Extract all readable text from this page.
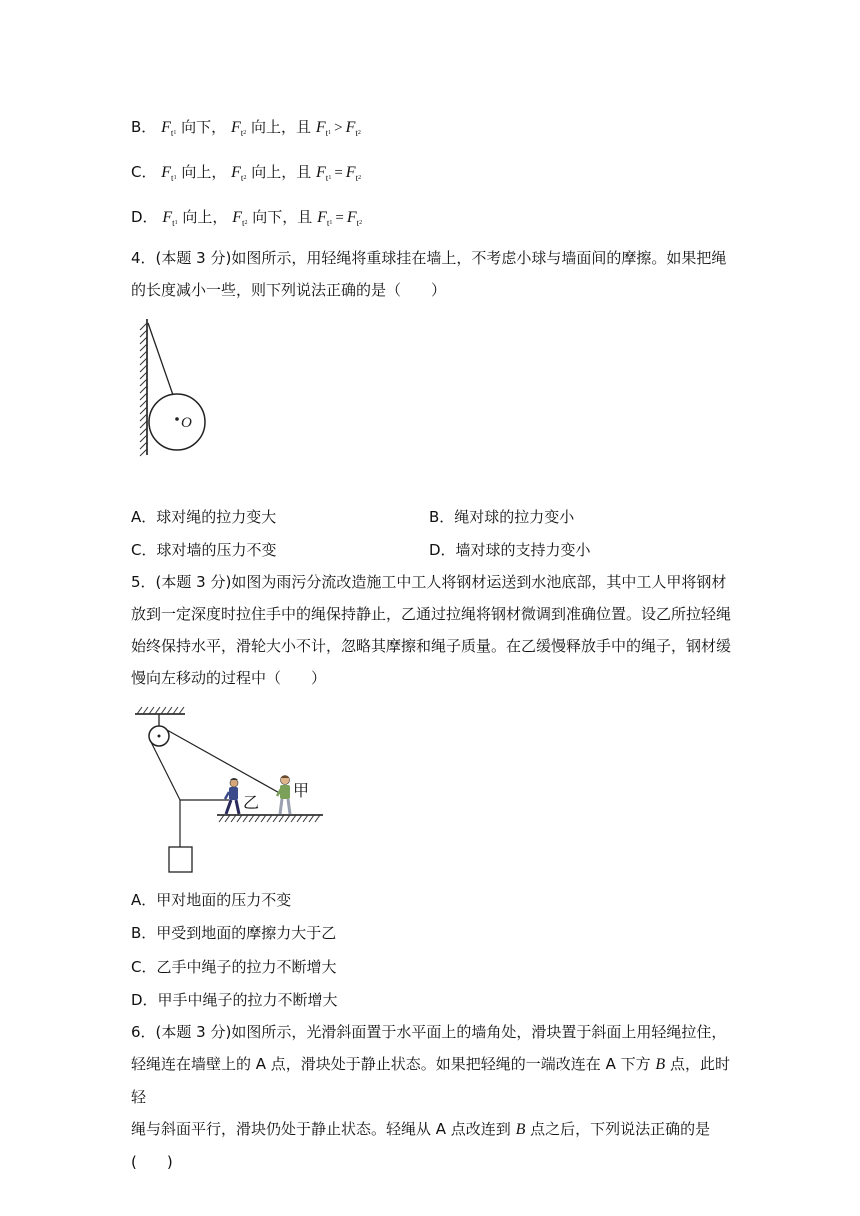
B． $F_{t1}$ 向下， $F_{t2}$ 向上，且 $F_{t1} > F_{t2}$
C． $F_{t1}$ 向上， $F_{t2}$ 向上，且 $F_{t1} = F_{t2}$
D． $F_{t1}$ 向上， $F_{t2}$ 向下，且 $F_{t1} = F_{t2}$
4．(本题 3 分)如图所示，用轻绳将重球挂在墙上，不考虑小球与墙面间的摩擦。如果把绳
的长度减小一些，则下列说法正确的是（　　）
O
A．球对绳的拉力变大	B．绳对球的拉力变小
C．球对墙的压力不变	D．墙对球的支持力变小
5．(本题 3 分)如图为雨污分流改造施工中工人将钢材运送到水池底部，其中工人甲将钢材
放到一定深度时拉住手中的绳保持静止，乙通过拉绳将钢材微调到准确位置。设乙所拉轻绳
始终保持水平，滑轮大小不计，忽略其摩擦和绳子质量。在乙缓慢释放手中的绳子，钢材缓
慢向左移动的过程中（　　）
乙
甲
A．甲对地面的压力不变
B．甲受到地面的摩擦力大于乙
C．乙手中绳子的拉力不断增大
D．甲手中绳子的拉力不断增大
6．(本题 3 分)如图所示，光滑斜面置于水平面上的墙角处，滑块置于斜面上用轻绳拉住，
轻绳连在墙壁上的 A 点，滑块处于静止状态。如果把轻绳的一端改连在 A 下方 B 点，此时轻
绳与斜面平行，滑块仍处于静止状态。轻绳从 A 点改连到 B 点之后，下列说法正确的是(　　)
